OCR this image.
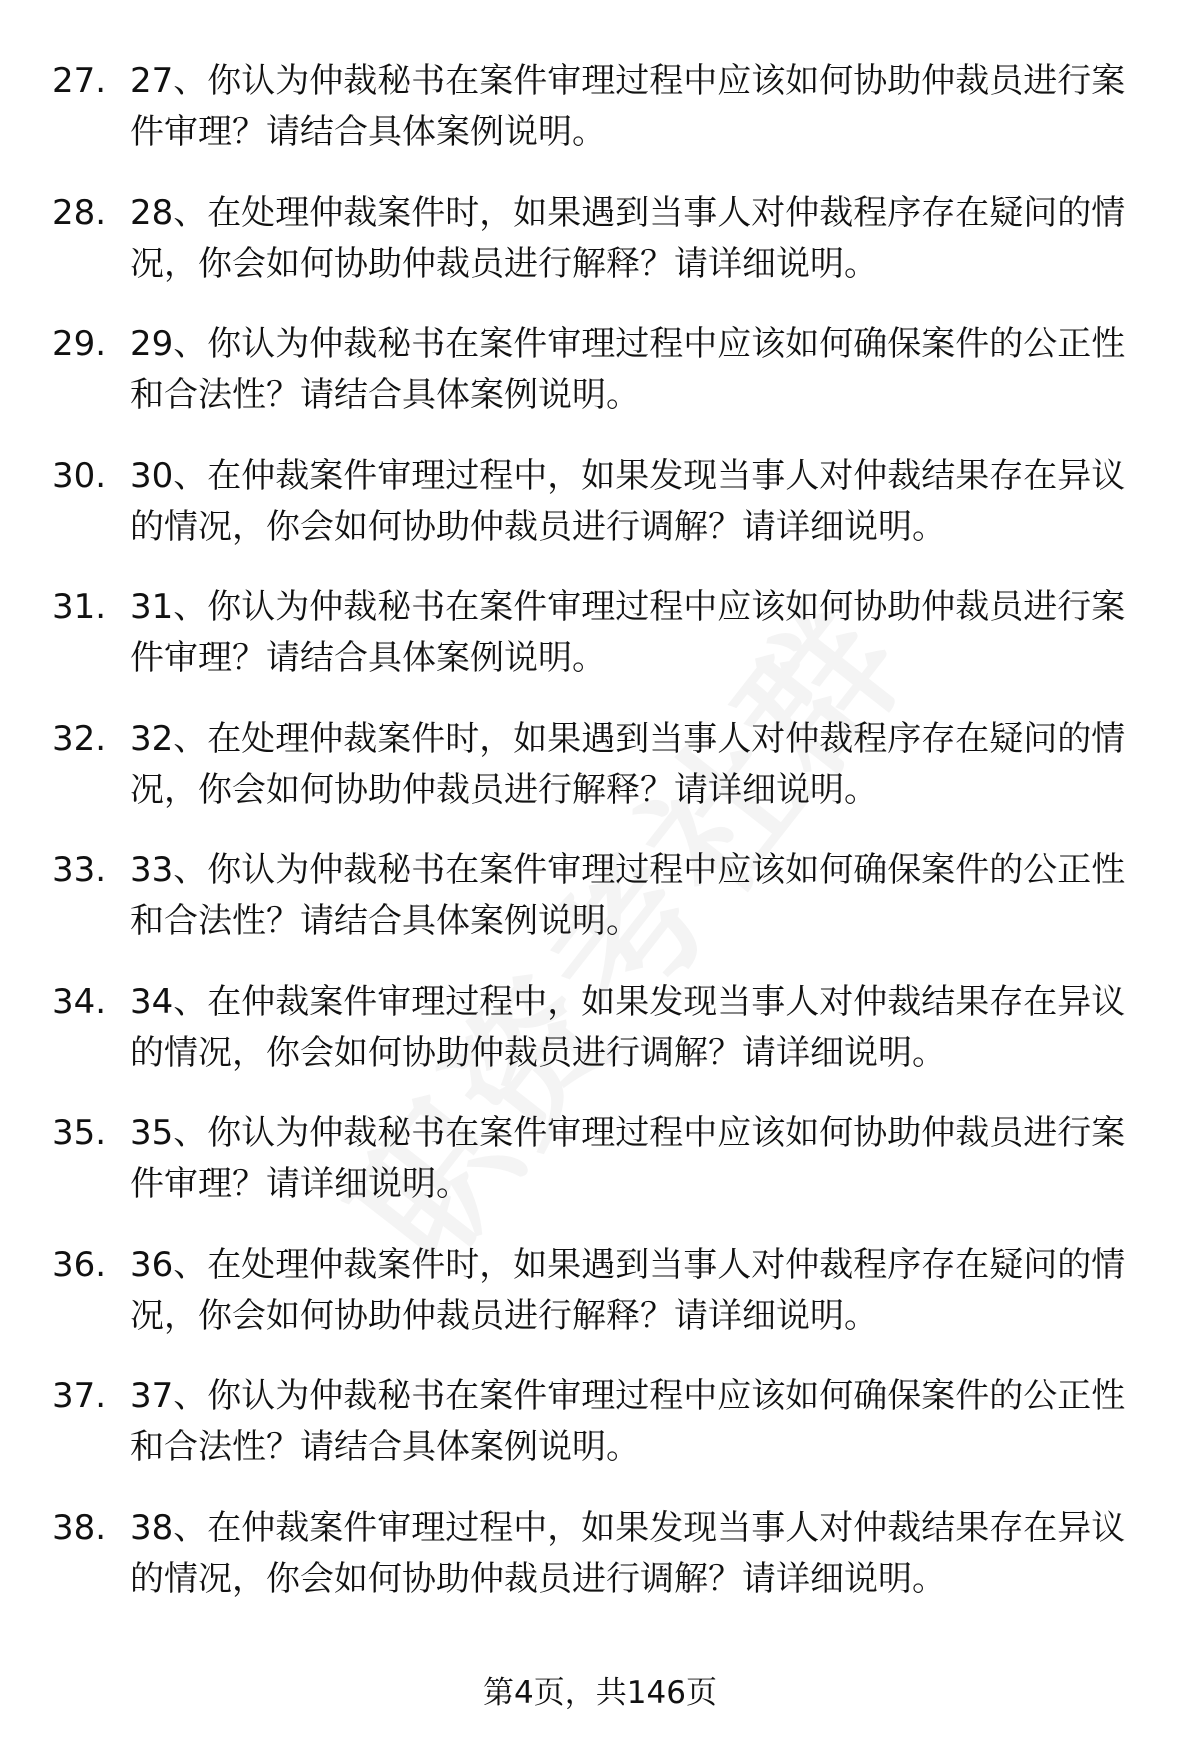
27. 27、你认为仲裁秘书在案件审理过程中应该如何协助仲裁员进行案件审理？请结合具体案例说明。
28. 28、在处理仲裁案件时，如果遇到当事人对仲裁程序存在疑问的情况，你会如何协助仲裁员进行解释？请详细说明。
29. 29、你认为仲裁秘书在案件审理过程中应该如何确保案件的公正性和合法性？请结合具体案例说明。
30. 30、在仲裁案件审理过程中，如果发现当事人对仲裁结果存在异议的情况，你会如何协助仲裁员进行调解？请详细说明。
31. 31、你认为仲裁秘书在案件审理过程中应该如何协助仲裁员进行案件审理？请结合具体案例说明。
32. 32、在处理仲裁案件时，如果遇到当事人对仲裁程序存在疑问的情况，你会如何协助仲裁员进行解释？请详细说明。
33. 33、你认为仲裁秘书在案件审理过程中应该如何确保案件的公正性和合法性？请结合具体案例说明。
34. 34、在仲裁案件审理过程中，如果发现当事人对仲裁结果存在异议的情况，你会如何协助仲裁员进行调解？请详细说明。
35. 35、你认为仲裁秘书在案件审理过程中应该如何协助仲裁员进行案件审理？请详细说明。
36. 36、在处理仲裁案件时，如果遇到当事人对仲裁程序存在疑问的情况，你会如何协助仲裁员进行解释？请详细说明。
37. 37、你认为仲裁秘书在案件审理过程中应该如何确保案件的公正性和合法性？请结合具体案例说明。
38. 38、在仲裁案件审理过程中，如果发现当事人对仲裁结果存在异议的情况，你会如何协助仲裁员进行调解？请详细说明。
第4页，共146页
